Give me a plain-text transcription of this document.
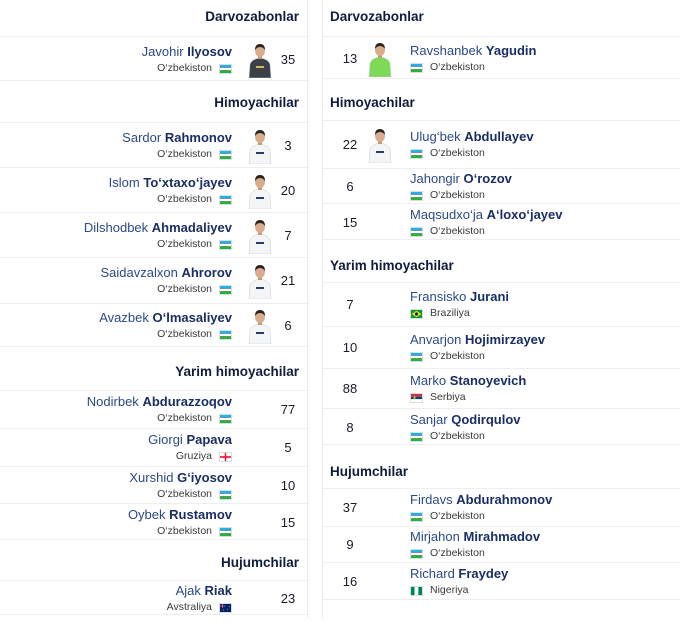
Darvozabonlar
Javohir Ilyosov
O‘zbekiston
35
Himoyachilar
Sardor Rahmonov
O‘zbekiston
3
Islom To‘xtaxo‘jayev
O‘zbekiston
20
Dilshodbek Ahmadaliyev
O‘zbekiston
7
Saidavzalxon Ahrorov
O‘zbekiston
21
Avazbek O‘lmasaliyev
O‘zbekiston
6
Yarim himoyachilar
Nodirbek Abdurazzoqov
O‘zbekiston
77
Giorgi Papava
Gruziya
5
Xurshid G‘iyosov
O‘zbekiston
10
Oybek Rustamov
O‘zbekiston
15
Hujumchilar
Ajak Riak
Avstraliya
23
Darvozabonlar
Ravshanbek Yagudin
O‘zbekiston
13
Himoyachilar
Ulug‘bek Abdullayev
O‘zbekiston
22
Jahongir O‘rozov
O‘zbekiston
6
Maqsudxo‘ja A‘loxo‘jayev
O‘zbekiston
15
Yarim himoyachilar
Fransisko Jurani
Braziliya
7
Anvarjon Hojimirzayev
O‘zbekiston
10
Marko Stanoyevich
Serbiya
88
Sanjar Qodirqulov
O‘zbekiston
8
Hujumchilar
Firdavs Abdurahmonov
O‘zbekiston
37
Mirjahon Mirahmadov
O‘zbekiston
9
Richard Fraydey
Nigeriya
16
